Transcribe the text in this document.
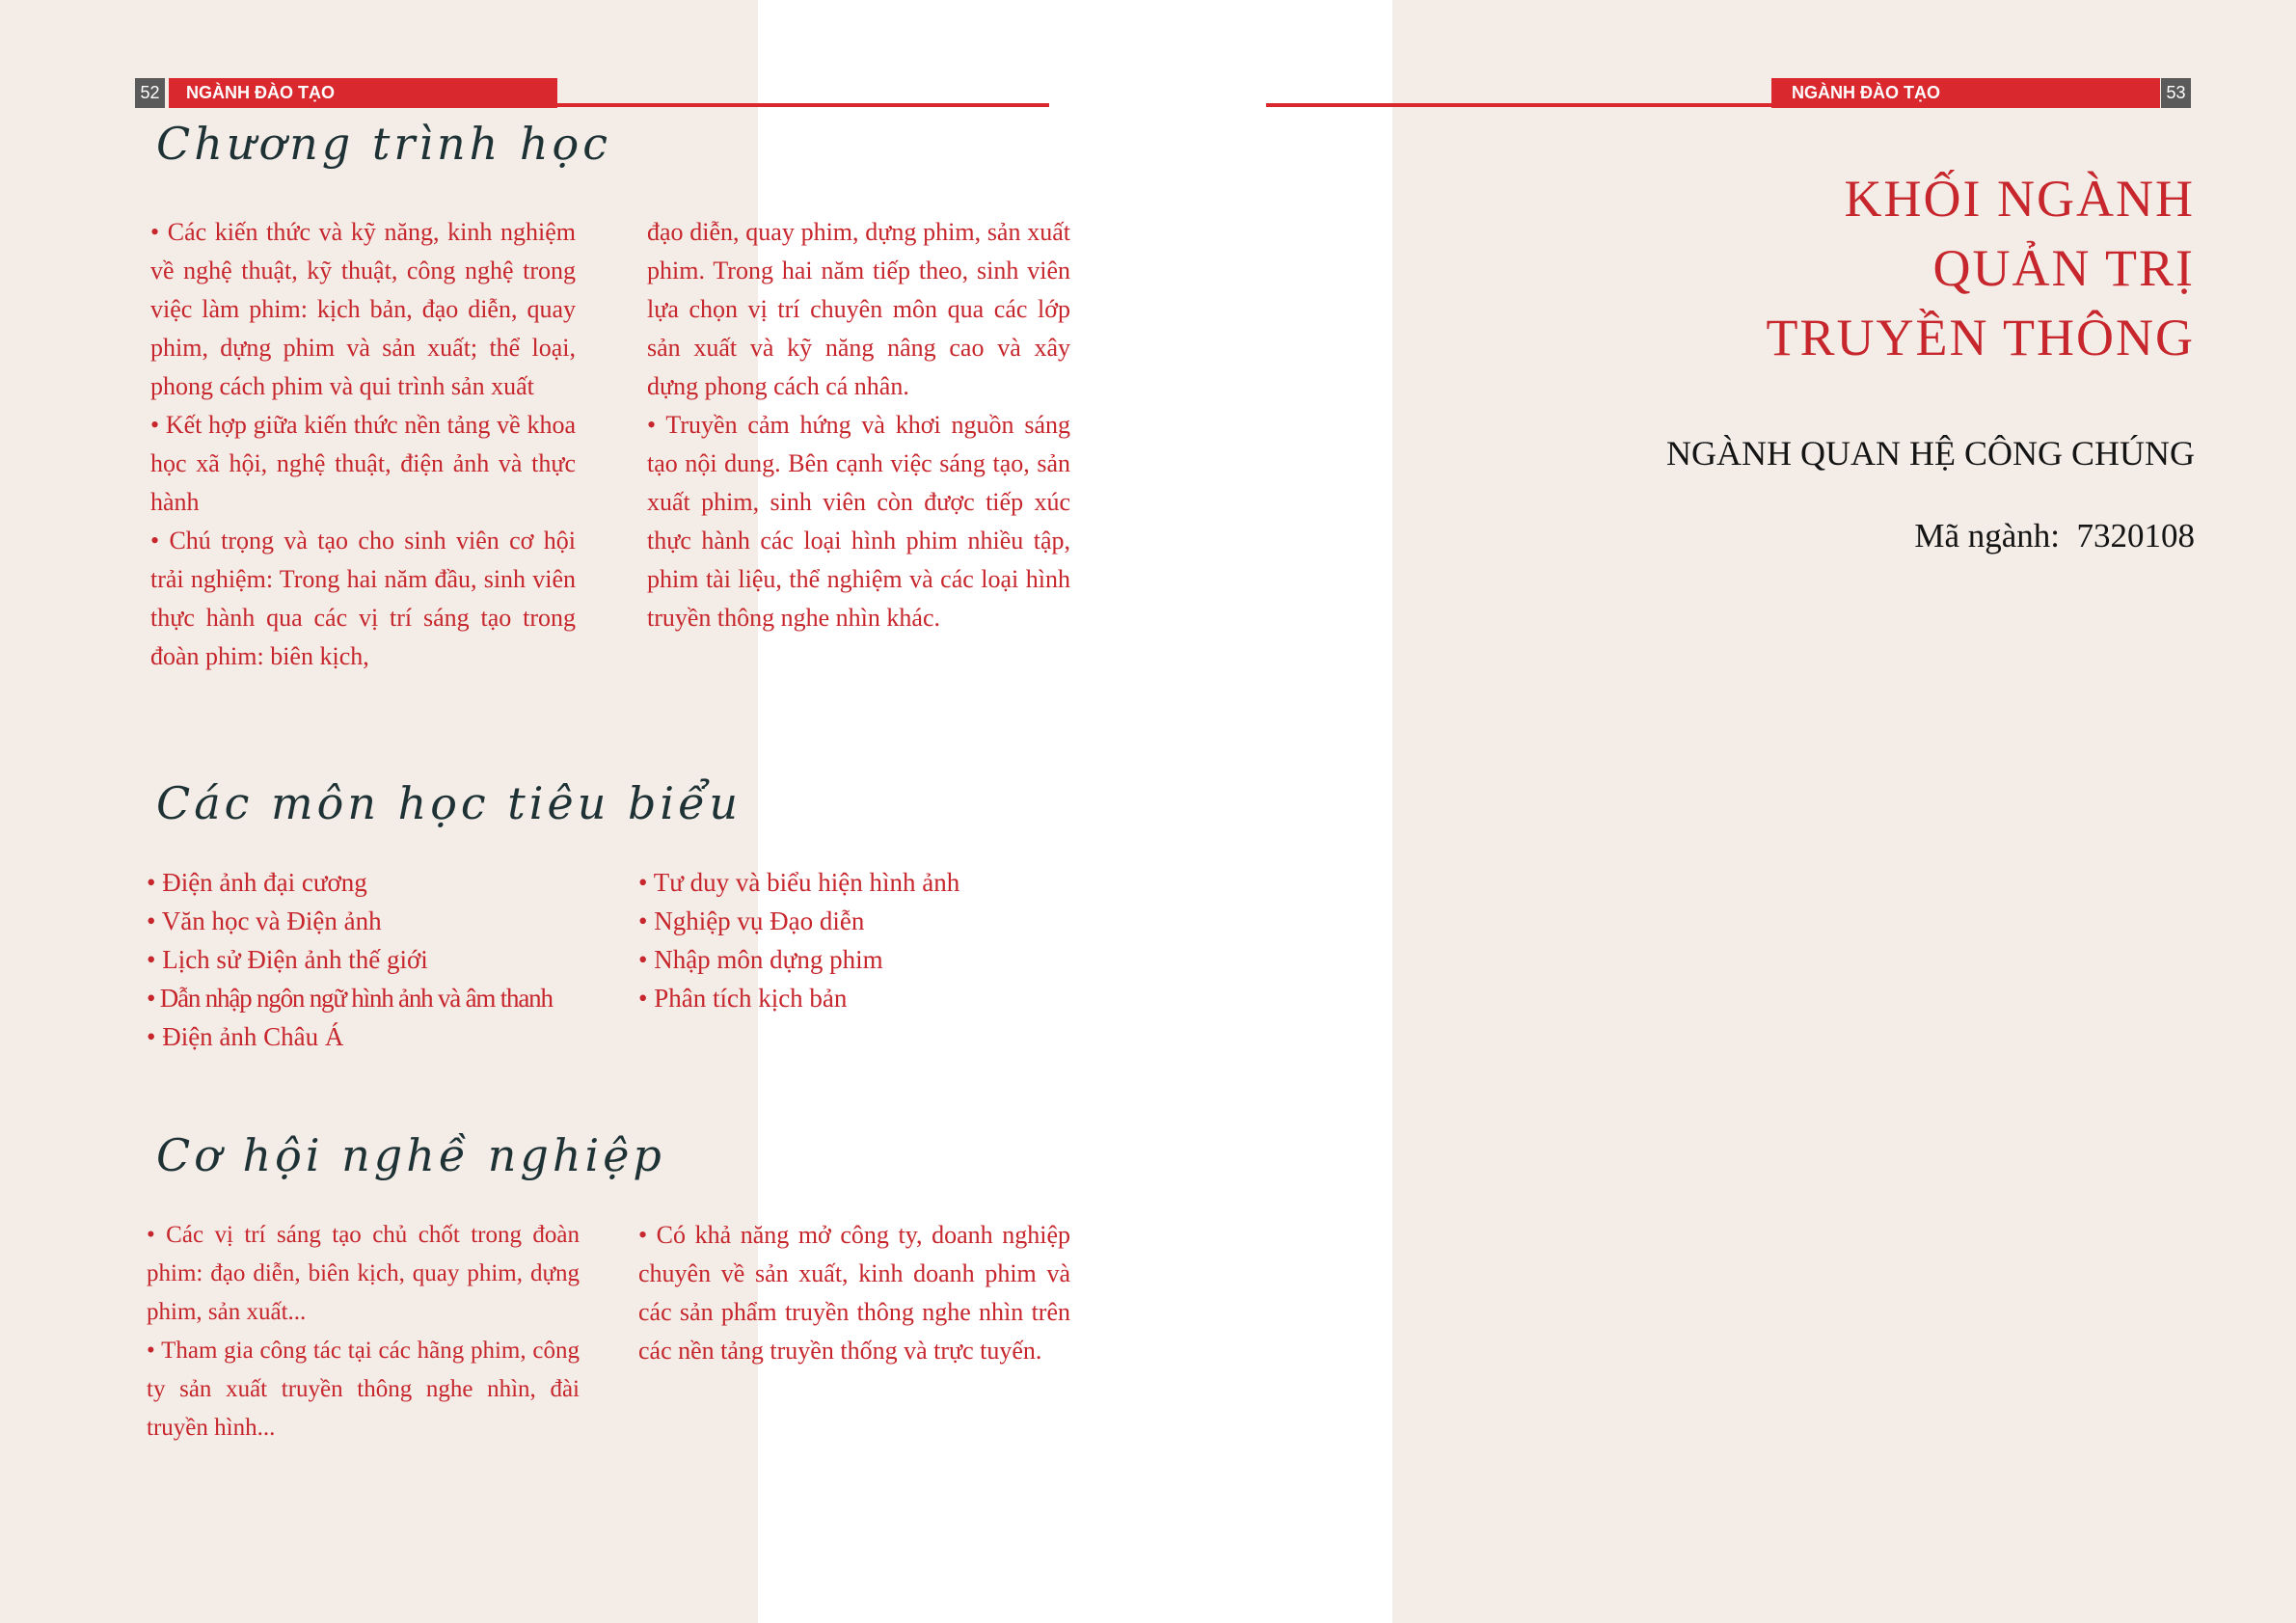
52	NGÀNH ĐÀO TẠO	NGÀNH ĐÀO TẠO	53
Chương trình học

• Các kiến thức và kỹ năng, kinh nghiệm về nghệ thuật, kỹ thuật, công nghệ trong việc làm phim: kịch bản, đạo diễn, quay phim, dựng phim và sản xuất; thể loại, phong cách phim và qui trình sản xuất

• Kết hợp giữa kiến thức nền tảng về khoa học xã hội, nghệ thuật, điện ảnh và thực hành

• Chú trọng và tạo cho sinh viên cơ hội trải nghiệm: Trong hai năm đầu, sinh viên thực hành qua các vị trí sáng tạo trong đoàn phim: biên kịch,

đạo diễn, quay phim, dựng phim, sản xuất phim. Trong hai năm tiếp theo, sinh viên lựa chọn vị trí chuyên môn qua các lớp sản xuất và kỹ năng nâng cao và xây dựng phong cách cá nhân.

• Truyền cảm hứng và khơi nguồn sáng tạo nội dung. Bên cạnh việc sáng tạo, sản xuất phim, sinh viên còn được tiếp xúc thực hành các loại hình phim nhiều tập, phim tài liệu, thể nghiệm và các loại hình truyền thông nghe nhìn khác.

Các môn học tiêu biểu
• Điện ảnh đại cương
• Văn học và Điện ảnh
• Lịch sử Điện ảnh thế giới
• Dẫn nhập ngôn ngữ hình ảnh và âm thanh
• Điện ảnh Châu Á
• Tư duy và biểu hiện hình ảnh
• Nghiệp vụ Đạo diễn
• Nhập môn dựng phim
• Phân tích kịch bản
Cơ hội nghề nghiệp

• Các vị trí sáng tạo chủ chốt trong đoàn phim: đạo diễn, biên kịch, quay phim, dựng phim, sản xuất...

• Tham gia công tác tại các hãng phim, công ty sản xuất truyền thông nghe nhìn, đài truyền hình...

• Có khả năng mở công ty, doanh nghiệp chuyên về sản xuất, kinh doanh phim và các sản phẩm truyền thông nghe nhìn trên các nền tảng truyền thống và trực tuyến.

KHỐI NGÀNH
QUẢN TRỊ
TRUYỀN THÔNG
NGÀNH QUAN HỆ CÔNG CHÚNG
Mã ngành:  7320108
